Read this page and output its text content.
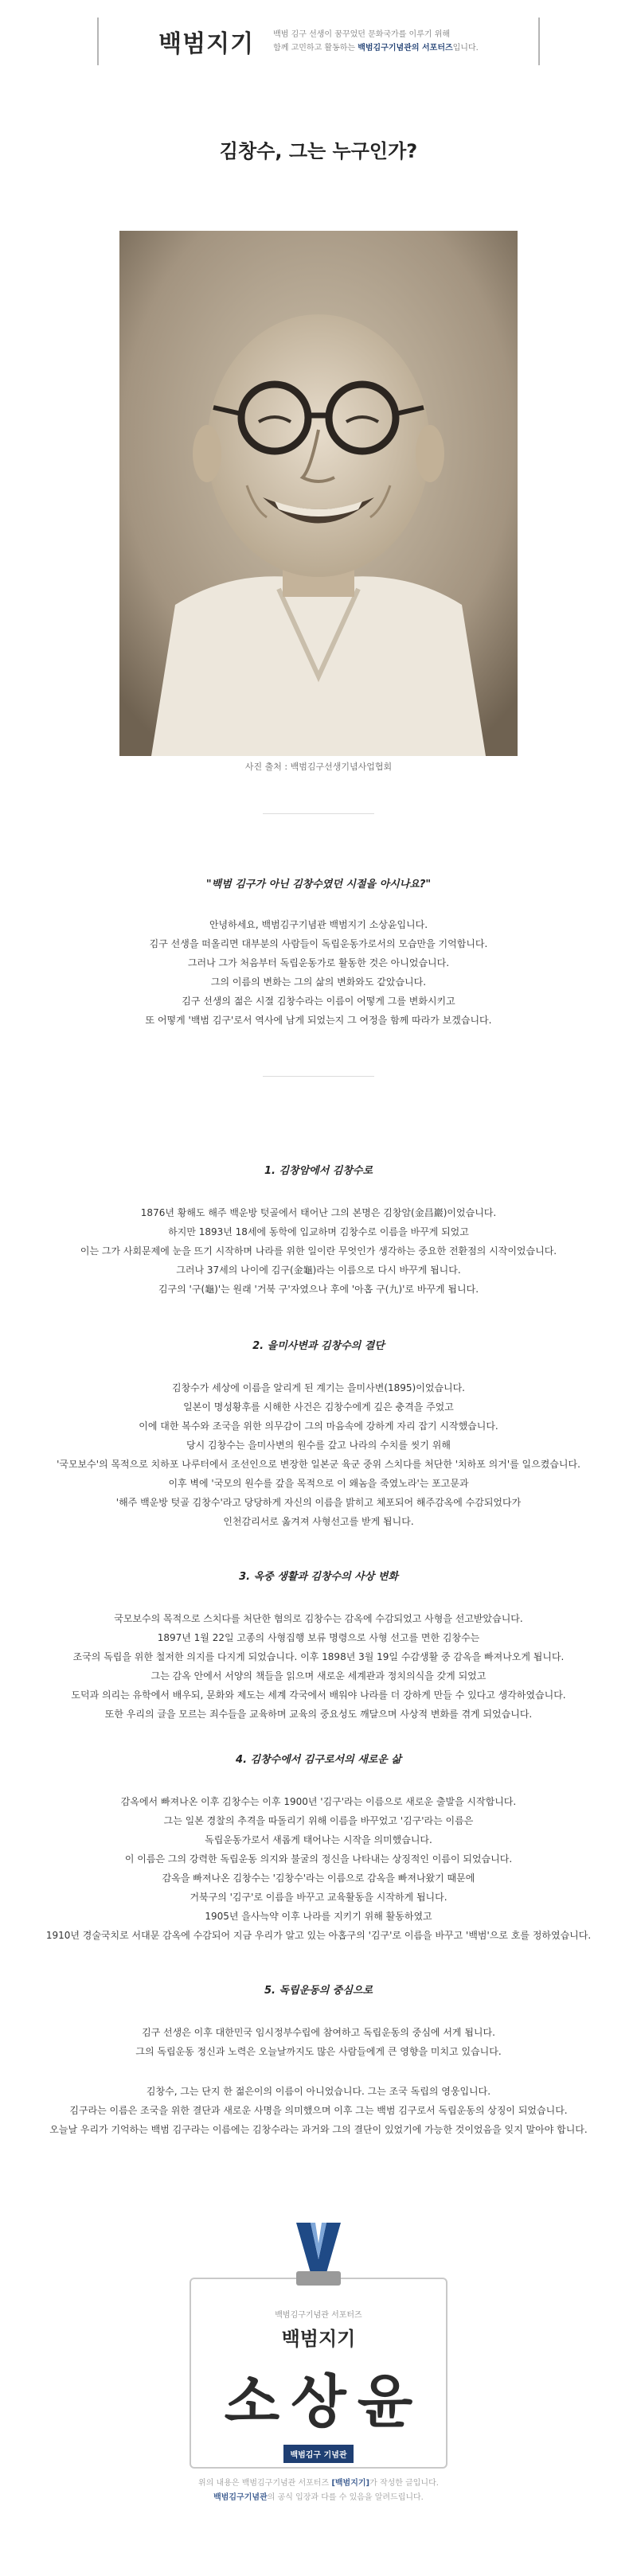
백범지기 백범 김구 선생이 꿈꾸었던 문화국가를 이루기 위해
함께 고민하고 활동하는 백범김구기념관의 서포터즈입니다.
김창수, 그는 누구인가?
사진 출처 : 백범김구선생기념사업협회
"백범 김구가 아닌 김창수였던 시절을 아시나요?"
안녕하세요, 백범김구기념관 백범지기 소상윤입니다.
김구 선생을 떠올리면 대부분의 사람들이 독립운동가로서의 모습만을 기억합니다.
그러나 그가 처음부터 독립운동가로 활동한 것은 아니었습니다.
그의 이름의 변화는 그의 삶의 변화와도 같았습니다.
김구 선생의 젊은 시절 김창수라는 이름이 어떻게 그를 변화시키고
또 어떻게 '백범 김구'로서 역사에 남게 되었는지 그 여정을 함께 따라가 보겠습니다.
1. 김창암에서 김창수로
1876년 황해도 해주 백운방 텃골에서 태어난 그의 본명은 김창암(金昌巖)이었습니다.
하지만 1893년 18세에 동학에 입교하며 김창수로 이름을 바꾸게 되었고
이는 그가 사회문제에 눈을 뜨기 시작하며 나라를 위한 일이란 무엇인가 생각하는 중요한 전환점의 시작이었습니다.
그러나 37세의 나이에 김구(金龜)라는 이름으로 다시 바꾸게 됩니다.
김구의 '구(龜)'는 원래 '거북 구'자였으나 후에 '아홉 구(九)'로 바꾸게 됩니다.
2. 을미사변과 김창수의 결단
김창수가 세상에 이름을 알리게 된 계기는 을미사변(1895)이었습니다.
일본이 명성황후를 시해한 사건은 김창수에게 깊은 충격을 주었고
이에 대한 복수와 조국을 위한 의무감이 그의 마음속에 강하게 자리 잡기 시작했습니다.
당시 김창수는 을미사변의 원수를 갚고 나라의 수치를 씻기 위해
'국모보수'의 목적으로 치하포 나루터에서 조선인으로 변장한 일본군 육군 중위 스치다를 처단한 '치하포 의거'를 일으켰습니다.
이후 벽에 '국모의 원수를 갚을 목적으로 이 왜놈을 죽였노라'는 포고문과
'해주 백운방 텃골 김창수'라고 당당하게 자신의 이름을 밝히고 체포되어 해주감옥에 수감되었다가
인천감리서로 옮겨져 사형선고를 받게 됩니다.
3. 옥중 생활과 김창수의 사상 변화
국모보수의 목적으로 스치다를 처단한 혐의로 김창수는 감옥에 수감되었고 사형을 선고받았습니다.
1897년 1월 22일 고종의 사형집행 보류 명령으로 사형 선고를 면한 김창수는
조국의 독립을 위한 철저한 의지를 다지게 되었습니다. 이후 1898년 3월 19일 수감생활 중 감옥을 빠져나오게 됩니다.
그는 감옥 안에서 서양의 책들을 읽으며 새로운 세계관과 정치의식을 갖게 되었고
도덕과 의리는 유학에서 배우되, 문화와 제도는 세계 각국에서 배워야 나라를 더 강하게 만들 수 있다고 생각하였습니다.
또한 우리의 글을 모르는 죄수들을 교육하며 교육의 중요성도 깨달으며 사상적 변화를 겪게 되었습니다.
4. 김창수에서 김구로서의 새로운 삶
감옥에서 빠져나온 이후 김창수는 이후 1900년 '김구'라는 이름으로 새로운 출발을 시작합니다.
그는 일본 경찰의 추격을 따돌리기 위해 이름을 바꾸었고 '김구'라는 이름은
독립운동가로서 새롭게 태어나는 시작을 의미했습니다.
이 이름은 그의 강력한 독립운동 의지와 불굴의 정신을 나타내는 상징적인 이름이 되었습니다.
감옥을 빠져나온 김창수는 '김창수'라는 이름으로 감옥을 빠져나왔기 때문에
거북구의 '김구'로 이름을 바꾸고 교육활동을 시작하게 됩니다.
1905년 을사늑약 이후 나라를 지키기 위해 활동하였고
1910년 경술국치로 서대문 감옥에 수감되어 지금 우리가 알고 있는 아홉구의 '김구'로 이름을 바꾸고 '백범'으로 호를 정하였습니다.
5. 독립운동의 중심으로
김구 선생은 이후 대한민국 임시정부수립에 참여하고 독립운동의 중심에 서게 됩니다.
그의 독립운동 정신과 노력은 오늘날까지도 많은 사람들에게 큰 영향을 미치고 있습니다.
김창수, 그는 단지 한 젊은이의 이름이 아니었습니다. 그는 조국 독립의 영웅입니다.
김구라는 이름은 조국을 위한 결단과 새로운 사명을 의미했으며 이후 그는 백범 김구로서 독립운동의 상징이 되었습니다.
오늘날 우리가 기억하는 백범 김구라는 이름에는 김창수라는 과거와 그의 결단이 있었기에 가능한 것이었음을 잊지 말아야 합니다.
백범김구기념관 서포터즈
백범지기
소상윤
백범김구 기념관
위의 내용은 백범김구기념관 서포터즈 [백범지기]가 작성한 글입니다.
백범김구기념관의 공식 입장과 다를 수 있음을 알려드립니다.
